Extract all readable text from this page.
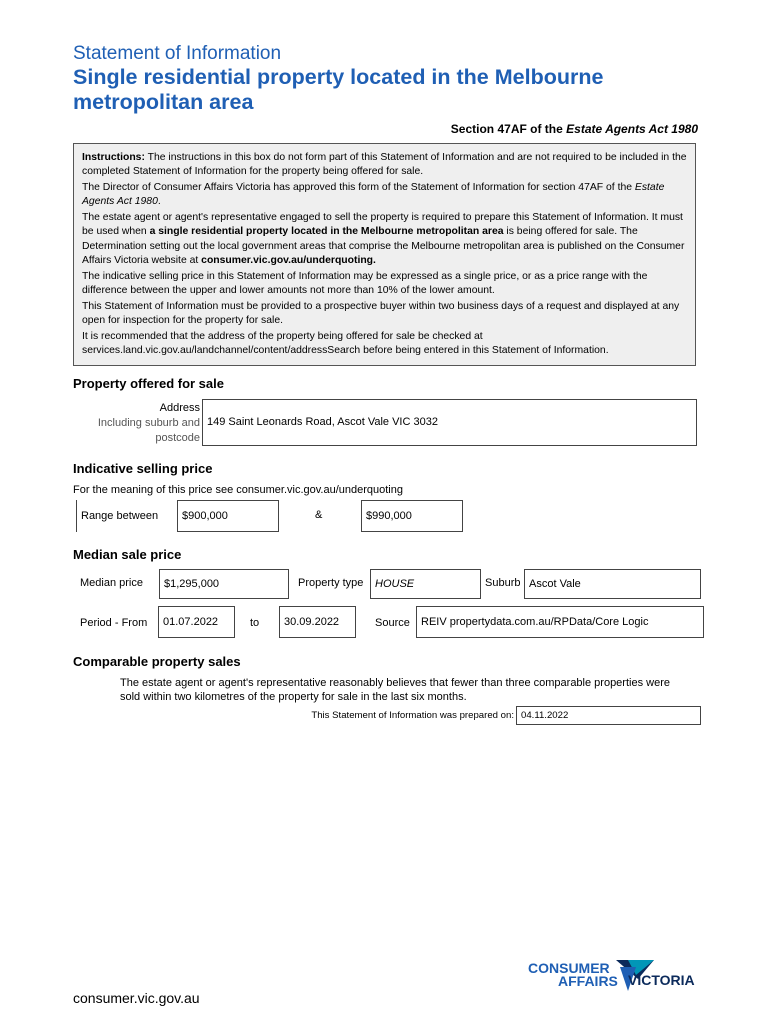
Statement of Information
Single residential property located in the Melbourne metropolitan area
Section 47AF of the Estate Agents Act 1980

Instructions: The instructions in this box do not form part of this Statement of Information and are not required to be included in the completed Statement of Information for the property being offered for sale.

The Director of Consumer Affairs Victoria has approved this form of the Statement of Information for section 47AF of the Estate Agents Act 1980.

The estate agent or agent's representative engaged to sell the property is required to prepare this Statement of Information. It must be used when a single residential property located in the Melbourne metropolitan area is being offered for sale. The Determination setting out the local government areas that comprise the Melbourne metropolitan area is published on the Consumer Affairs Victoria website at consumer.vic.gov.au/underquoting.

The indicative selling price in this Statement of Information may be expressed as a single price, or as a price range with the difference between the upper and lower amounts not more than 10% of the lower amount.

This Statement of Information must be provided to a prospective buyer within two business days of a request and displayed at any open for inspection for the property for sale.

It is recommended that the address of the property being offered for sale be checked at services.land.vic.gov.au/landchannel/content/addressSearch before being entered in this Statement of Information.

Property offered for sale
Address
Including suburb and
postcode
149 Saint Leonards Road, Ascot Vale VIC 3032
Indicative selling price
For the meaning of this price see consumer.vic.gov.au/underquoting
Range between	$900,000	&	$990,000
Median sale price
Median price	$1,295,000	Property type	HOUSE	Suburb Ascot Vale
Period - From	01.07.2022	to	30.09.2022	Source	REIV propertydata.com.au/RPData/Core Logic
Comparable property sales
The estate agent or agent's representative reasonably believes that fewer than three comparable properties were sold within two kilometres of the property for sale in the last six months.
This Statement of Information was prepared on: 04.11.2022
CONSUMER
AFFAIRS VICTORIA
consumer.vic.gov.au
